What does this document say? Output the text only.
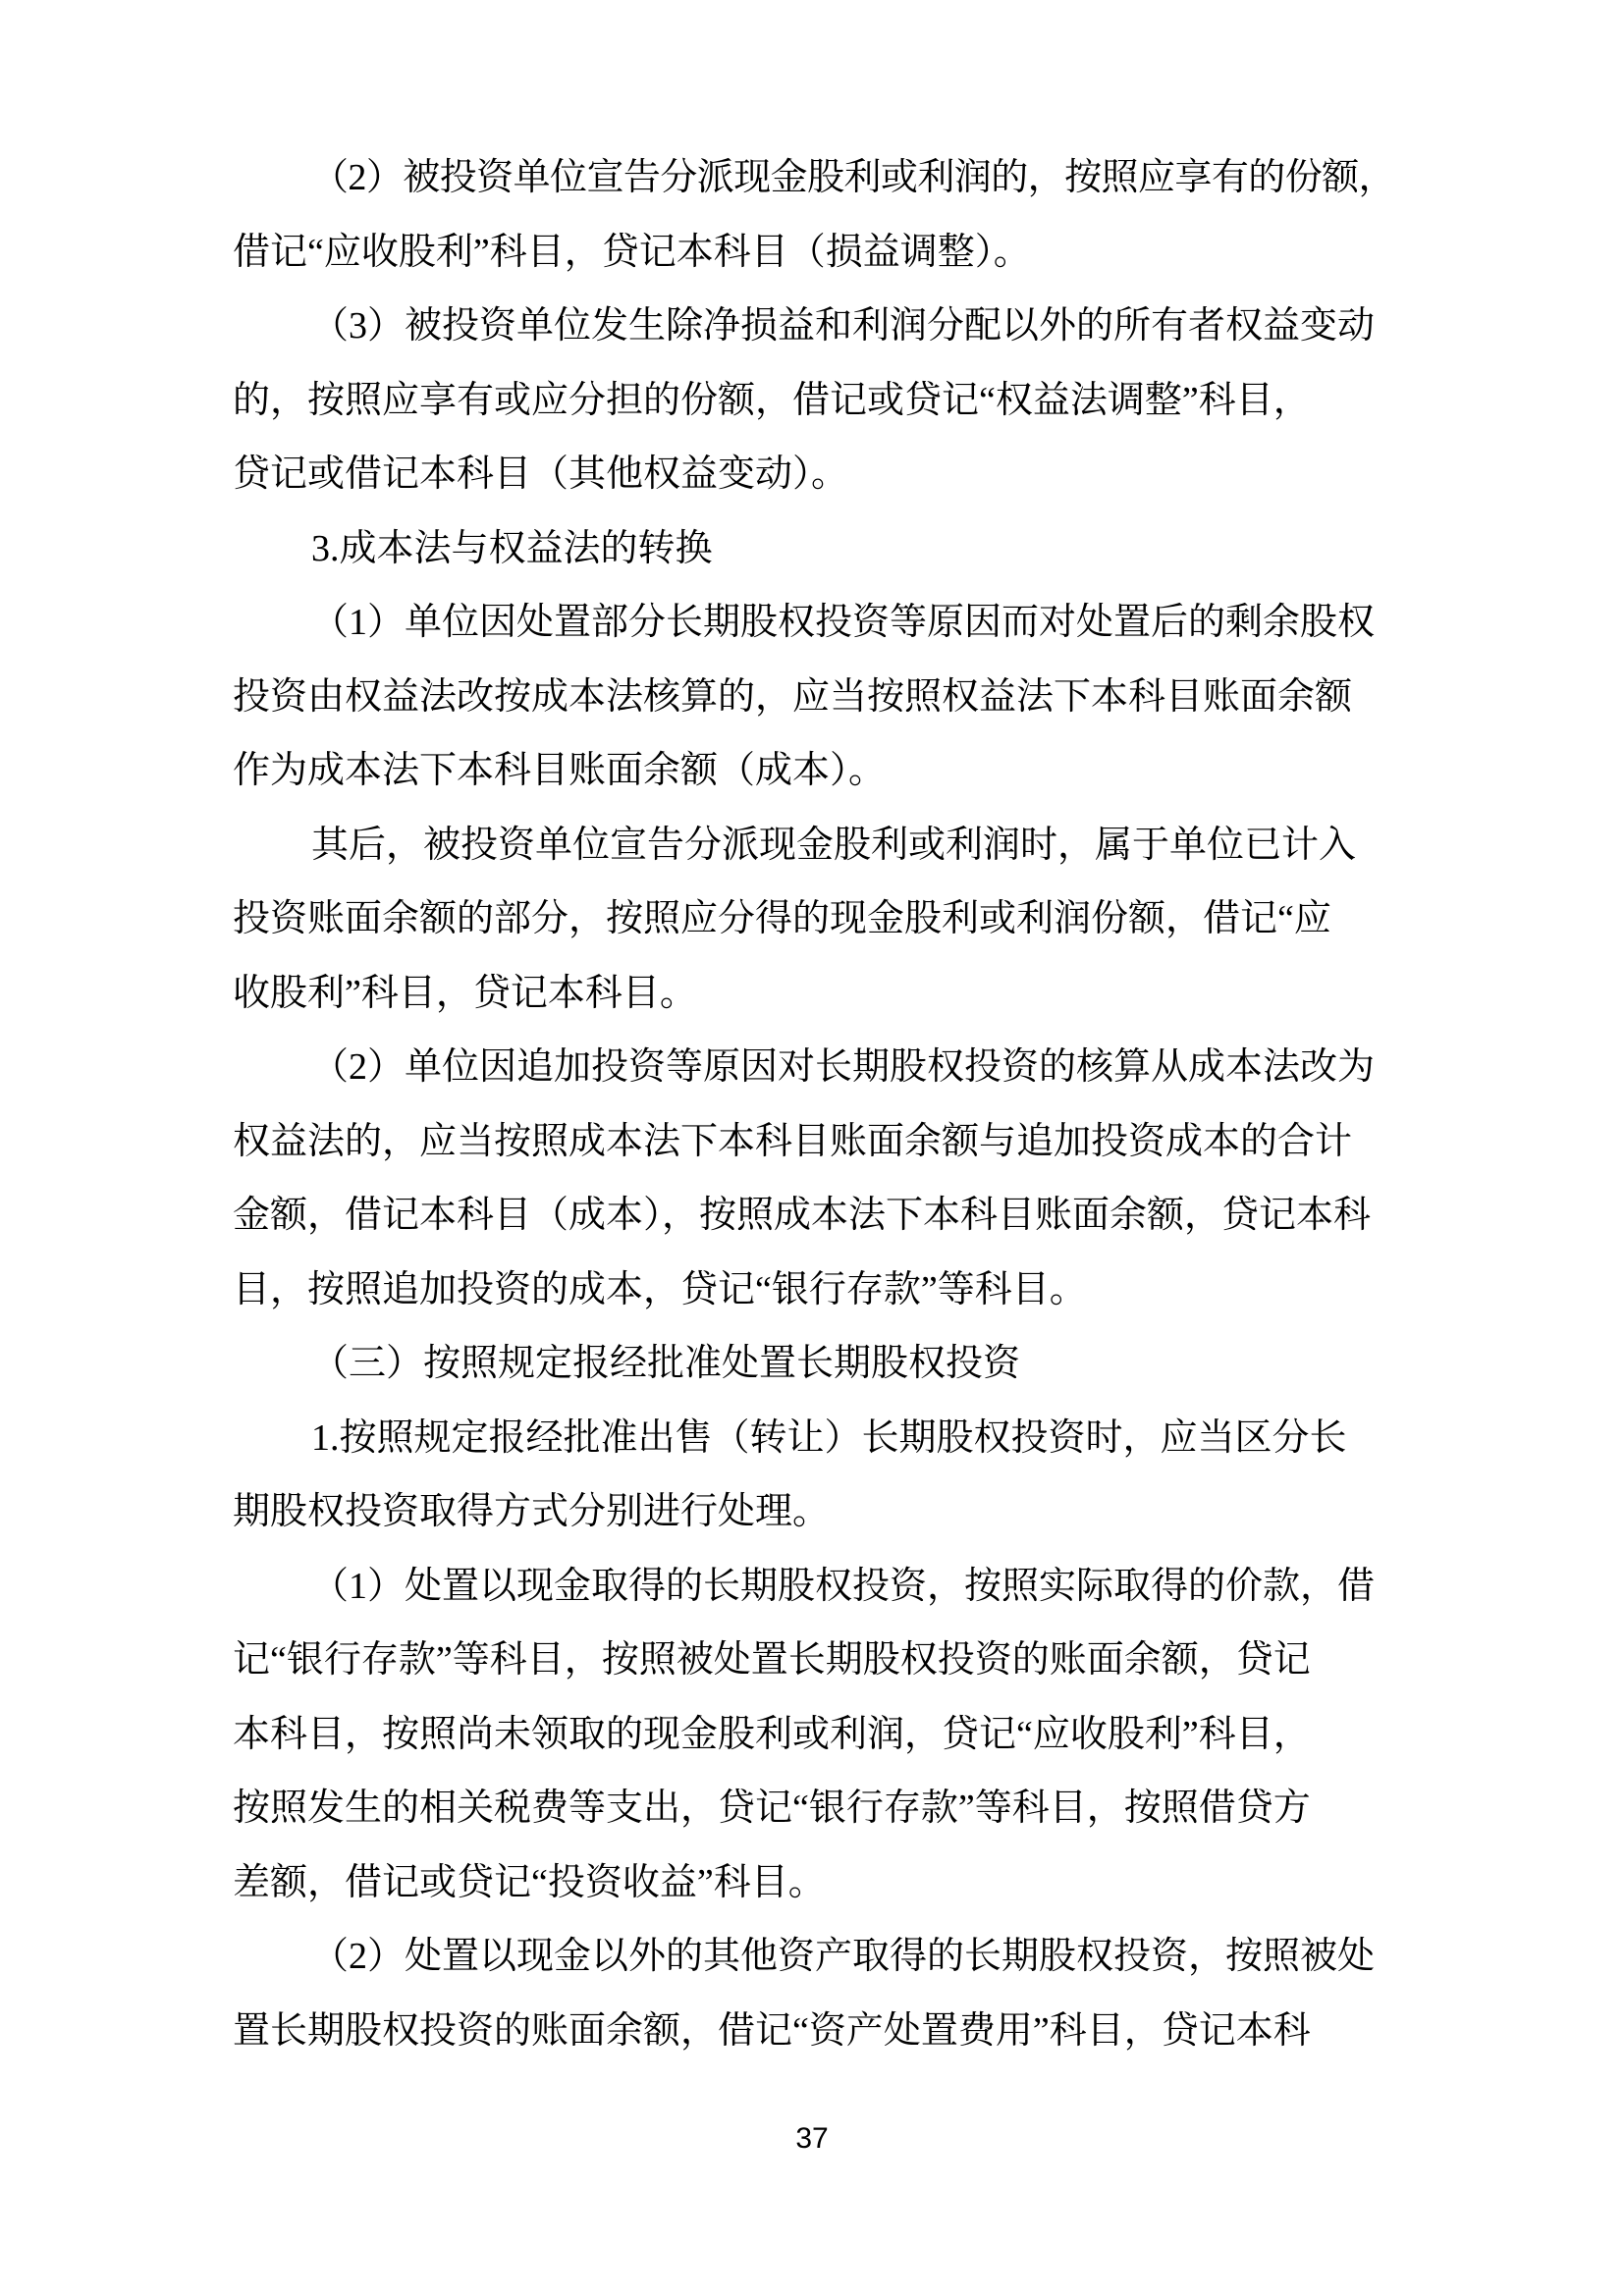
（2）被投资单位宣告分派现金股利或利润的，按照应享有的份额，
借记“应收股利”科目，贷记本科目（损益调整）。
（3）被投资单位发生除净损益和利润分配以外的所有者权益变动
的，按照应享有或应分担的份额，借记或贷记“权益法调整”科目，
贷记或借记本科目（其他权益变动）。
3.成本法与权益法的转换
（1）单位因处置部分长期股权投资等原因而对处置后的剩余股权
投资由权益法改按成本法核算的，应当按照权益法下本科目账面余额
作为成本法下本科目账面余额（成本）。
其后，被投资单位宣告分派现金股利或利润时，属于单位已计入
投资账面余额的部分，按照应分得的现金股利或利润份额，借记“应
收股利”科目，贷记本科目。
（2）单位因追加投资等原因对长期股权投资的核算从成本法改为
权益法的，应当按照成本法下本科目账面余额与追加投资成本的合计
金额，借记本科目（成本），按照成本法下本科目账面余额，贷记本科
目，按照追加投资的成本，贷记“银行存款”等科目。
（三）按照规定报经批准处置长期股权投资
1.按照规定报经批准出售（转让）长期股权投资时，应当区分长
期股权投资取得方式分别进行处理。
（1）处置以现金取得的长期股权投资，按照实际取得的价款，借
记“银行存款”等科目，按照被处置长期股权投资的账面余额，贷记
本科目，按照尚未领取的现金股利或利润，贷记“应收股利”科目，
按照发生的相关税费等支出，贷记“银行存款”等科目，按照借贷方
差额，借记或贷记“投资收益”科目。
（2）处置以现金以外的其他资产取得的长期股权投资，按照被处
置长期股权投资的账面余额，借记“资产处置费用”科目，贷记本科
37
